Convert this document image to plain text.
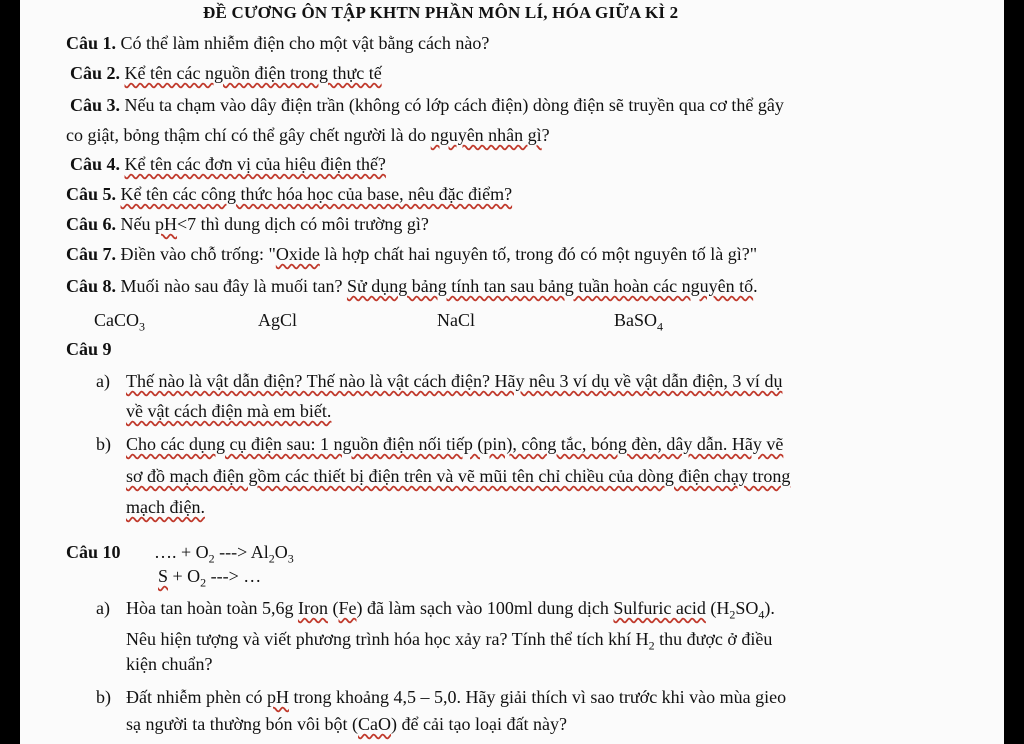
ĐỀ CƯƠNG ÔN TẬP KHTN PHẦN MÔN LÍ, HÓA GIỮA KÌ 2
Câu 1. Có thể làm nhiễm điện cho một vật bằng cách nào?
Câu 2. Kể tên các nguồn điện trong thực tế
Câu 3. Nếu ta chạm vào dây điện trần (không có lớp cách điện) dòng điện sẽ truyền qua cơ thể gây
co giật, bỏng thậm chí có thể gây chết người là do nguyên nhân gì?
Câu 4. Kể tên các đơn vị của hiệu điện thế?
Câu 5. Kể tên các công thức hóa học của base, nêu đặc điểm?
Câu 6. Nếu pH<7 thì dung dịch có môi trường gì?
Câu 7. Điền vào chỗ trống: "Oxide là hợp chất hai nguyên tố, trong đó có một nguyên tố là gì?"
Câu 8. Muối nào sau đây là muối tan? Sử dụng bảng tính tan sau bảng tuần hoàn các nguyên tố.
CaCO$_3$	AgCl	NaCl	BaSO$_4$
Câu 9
a) Thế nào là vật dẫn điện? Thế nào là vật cách điện? Hãy nêu 3 ví dụ về vật dẫn điện, 3 ví dụ
về vật cách điện mà em biết.
b) Cho các dụng cụ điện sau: 1 nguồn điện nối tiếp (pin), công tắc, bóng đèn, dây dẫn. Hãy vẽ
sơ đồ mạch điện gồm các thiết bị điện trên và vẽ mũi tên chỉ chiều của dòng điện chạy trong
mạch điện.
Câu 10 …. + $O_2$ ---> $Al_2O_3$
$S + O_2$ ---> …
a) Hòa tan hoàn toàn 5,6g Iron (Fe) đã làm sạch vào 100ml dung dịch Sulfuric acid $(H_2SO_4)$.
Nêu hiện tượng và viết phương trình hóa học xảy ra? Tính thể tích khí $H_2$ thu được ở điều
kiện chuẩn?
b) Đất nhiễm phèn có pH trong khoảng 4,5 – 5,0. Hãy giải thích vì sao trước khi vào mùa gieo
sạ người ta thường bón vôi bột (CaO) để cải tạo loại đất này?
